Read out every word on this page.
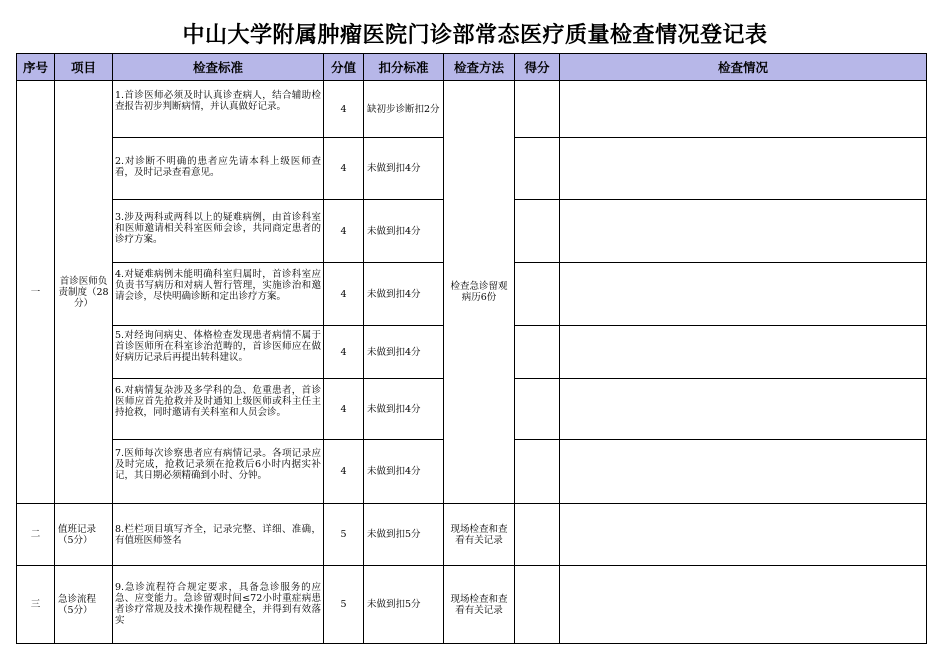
中山大学附属肿瘤医院门诊部常态医疗质量检查情况登记表
序号	项目	检查标准	分值	扣分标准	检查方法	得分	检查情况
一	首诊医师负责制度（28分）	1.首诊医师必须及时认真诊查病人，结合辅助检查报告初步判断病情，并认真做好记录。	4	缺初步诊断扣2分	检查急诊留观病历6份		
		2.对诊断不明确的患者应先请本科上级医师查看，及时记录查看意见。	4	未做到扣4分			
		3.涉及两科或两科以上的疑难病例，由首诊科室和医师邀请相关科室医师会诊，共同商定患者的诊疗方案。	4	未做到扣4分			
		4.对疑难病例未能明确科室归属时，首诊科室应负责书写病历和对病人暂行管理，实施诊治和邀请会诊，尽快明确诊断和定出诊疗方案。	4	未做到扣4分			
		5.对经询问病史、体格检查发现患者病情不属于首诊医师所在科室诊治范畴的，首诊医师应在做好病历记录后再提出转科建议。	4	未做到扣4分			
		6.对病情复杂涉及多学科的急、危重患者，首诊医师应首先抢救并及时通知上级医师或科主任主持抢救，同时邀请有关科室和人员会诊。	4	未做到扣4分			
		7.医师每次诊察患者应有病情记录。各项记录应及时完成，抢救记录须在抢救后6小时内据实补记，其日期必须精确到小时、分钟。	4	未做到扣4分			
二	值班记录（5分）	8.栏栏项目填写齐全，记录完整、详细、准确，有值班医师签名	5	未做到扣5分	现场检查和查看有关记录		
三	急诊流程（5分）	9.急诊流程符合规定要求，具备急诊服务的应急、应变能力。急诊留观时间≤72小时重症病患者诊疗常规及技术操作规程健全，并得到有效落实	5	未做到扣5分	现场检查和查看有关记录		
